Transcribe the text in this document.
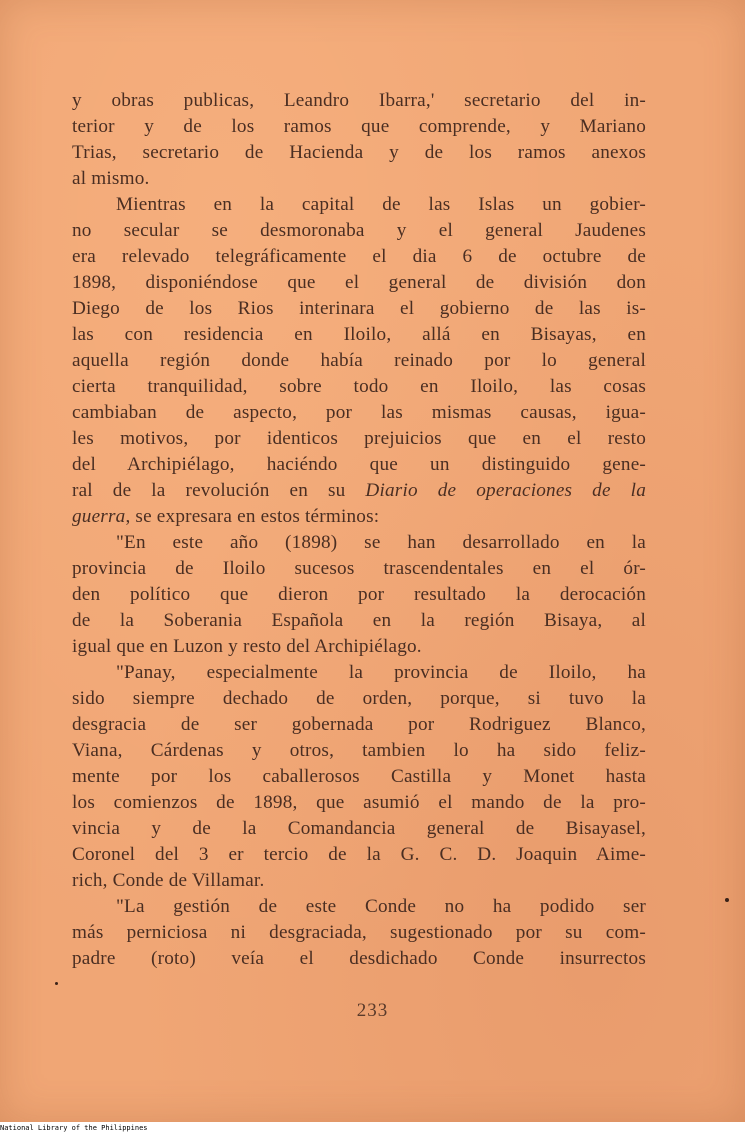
y obras publicas, Leandro Ibarra,' secretario del in-
terior y de los ramos que comprende, y Mariano
Trias, secretario de Hacienda y de los ramos anexos
al mismo.
Mientras en la capital de las Islas un gobier-
no secular se desmoronaba y el general Jaudenes
era relevado telegráficamente el dia 6 de octubre de
1898, disponiéndose que el general de división don
Diego de los Rios interinara el gobierno de las is-
las con residencia en Iloilo, allá en Bisayas, en
aquella región donde había reinado por lo general
cierta tranquilidad, sobre todo en Iloilo, las cosas
cambiaban de aspecto, por las mismas causas, igua-
les motivos, por identicos prejuicios que en el resto
del Archipiélago, haciéndo que un distinguido gene-
ral de la revolución en su Diario de operaciones de la
guerra, se expresara en estos términos:
"En este año (1898) se han desarrollado en la
provincia de Iloilo sucesos trascendentales en el ór-
den político que dieron por resultado la derocación
de la Soberania Española en la región Bisaya, al
igual que en Luzon y resto del Archipiélago.
"Panay, especialmente la provincia de Iloilo, ha
sido siempre dechado de orden, porque, si tuvo la
desgracia de ser gobernada por Rodriguez Blanco,
Viana, Cárdenas y otros, tambien lo ha sido feliz-
mente por los caballerosos Castilla y Monet hasta
los comienzos de 1898, que asumió el mando de la pro-
vincia y de la Comandancia general de Bisayasel,
Coronel del 3 er tercio de la G. C. D. Joaquin Aime-
rich, Conde de Villamar.
"La gestión de este Conde no ha podido ser
más perniciosa ni desgraciada, sugestionado por su com-
padre (roto) veía el desdichado Conde insurrectos
233
National Library of the Philippines
